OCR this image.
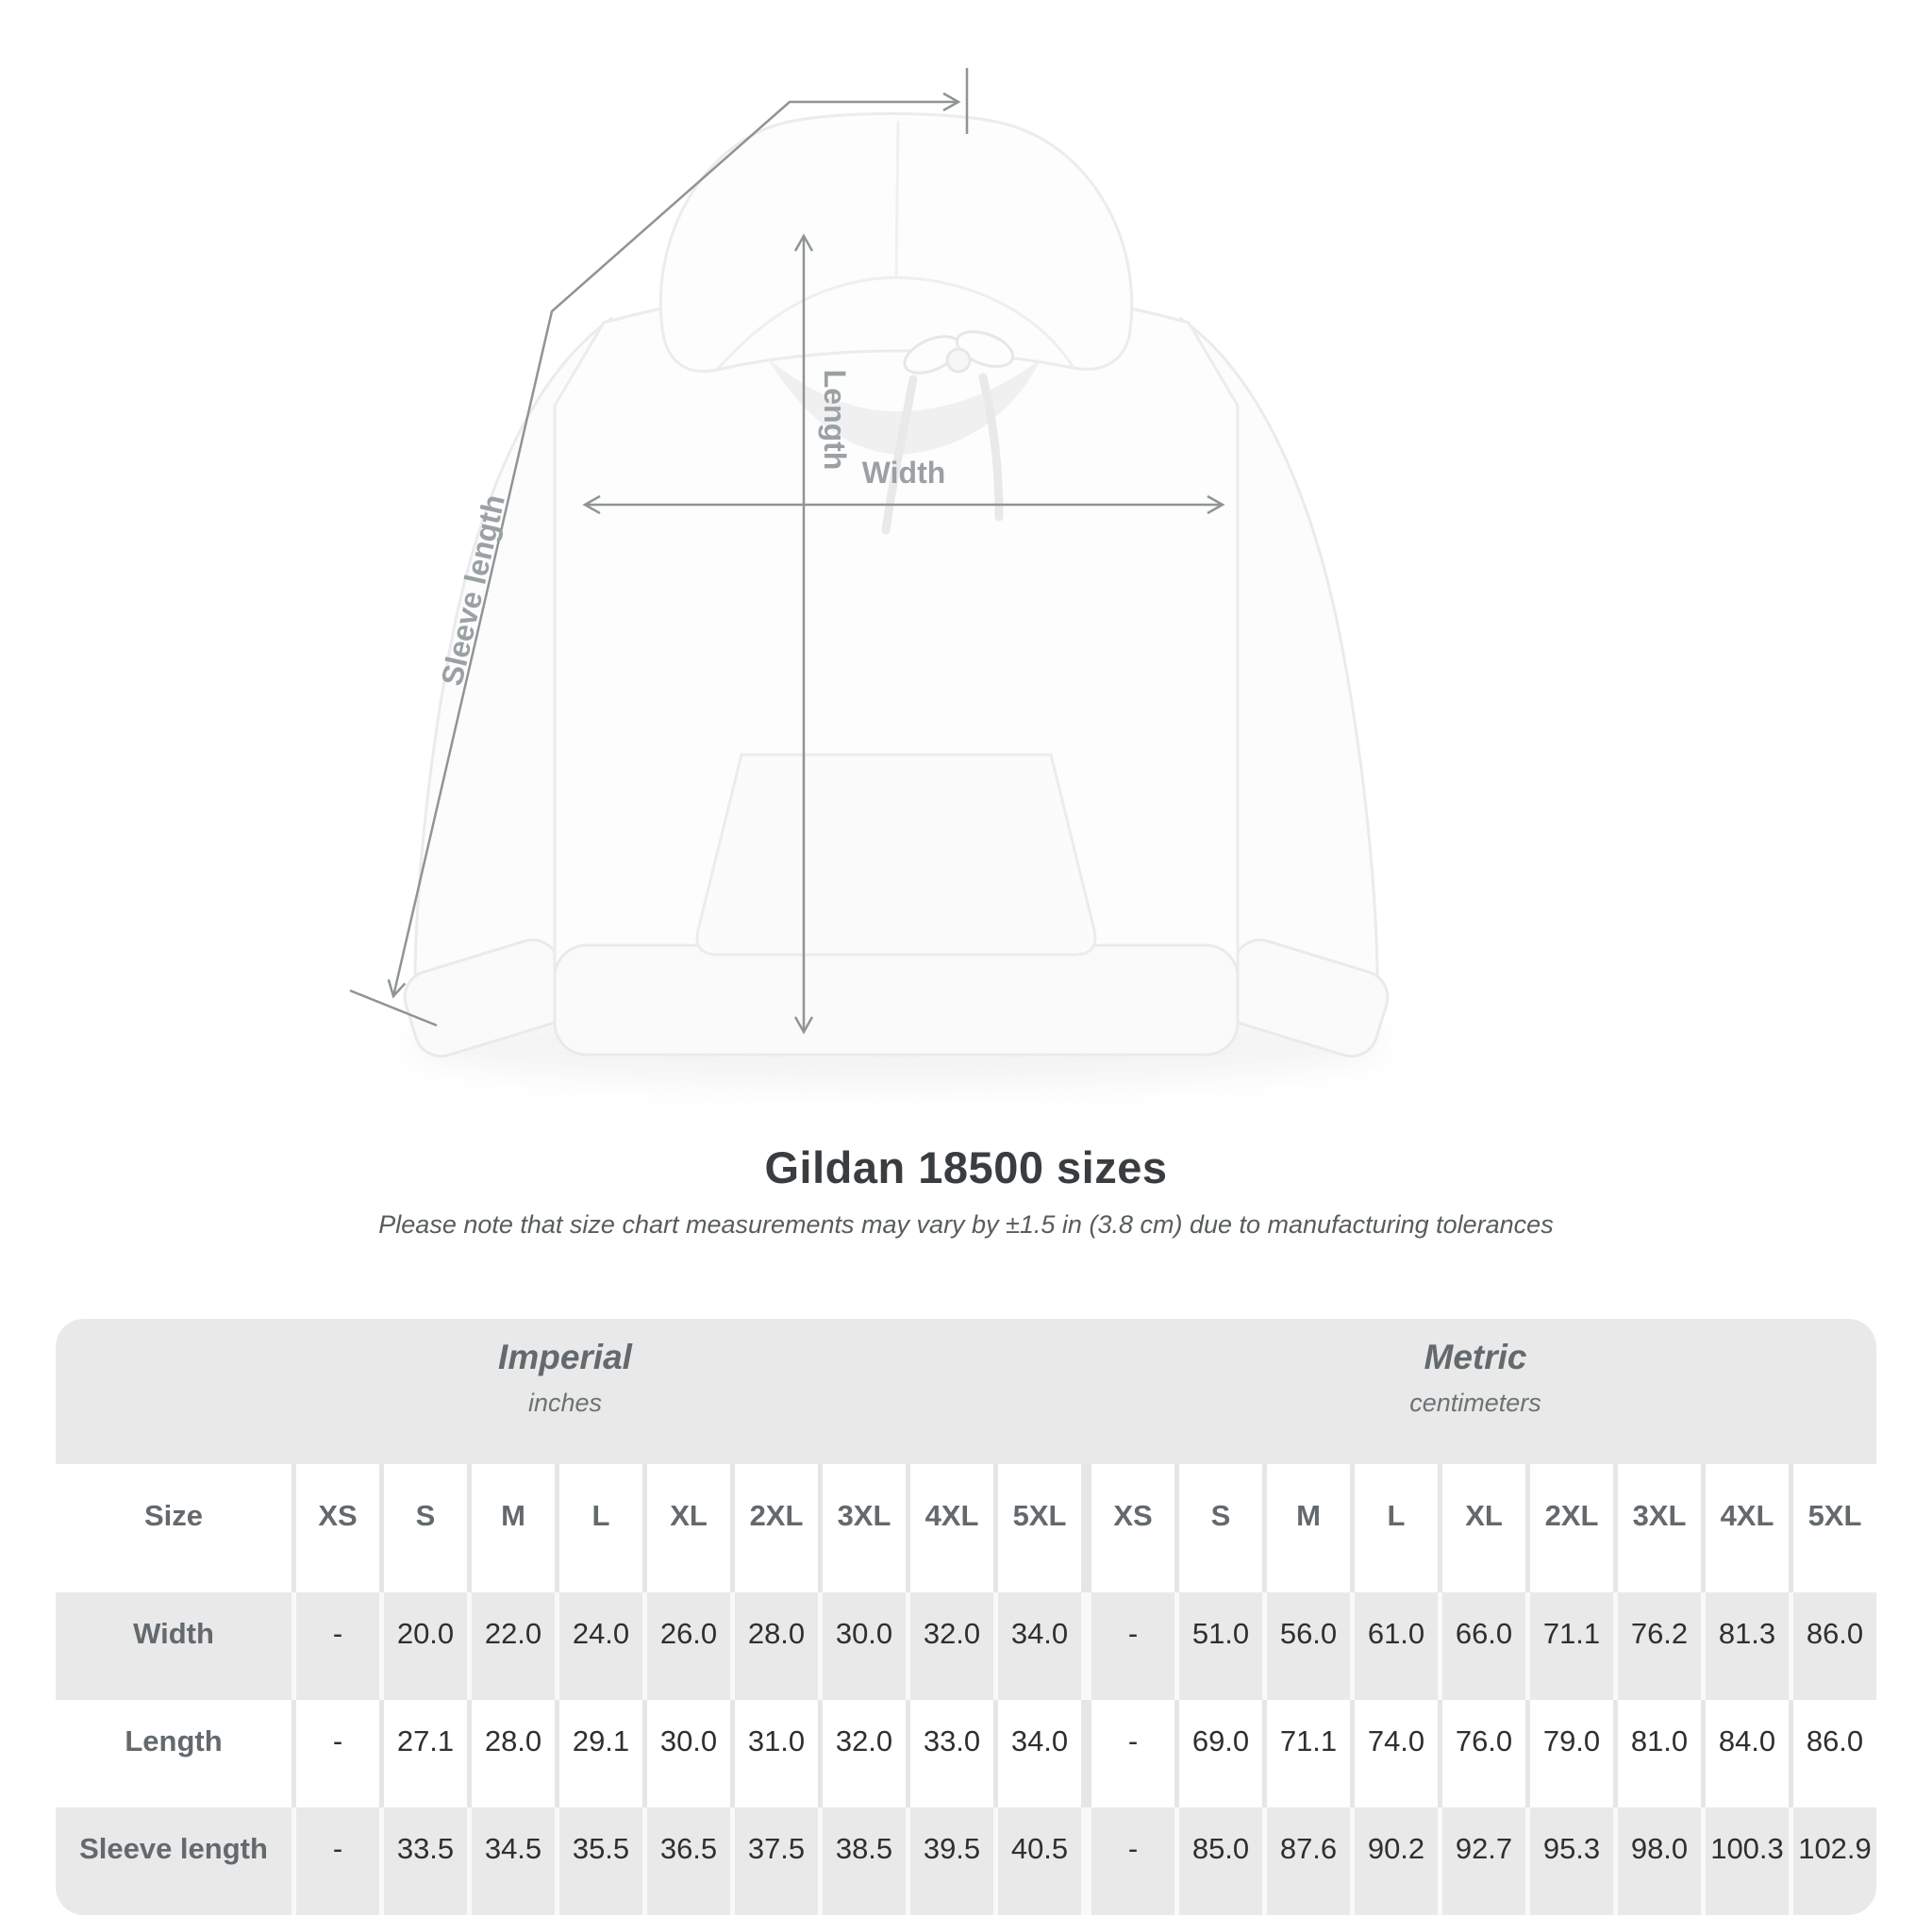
Length
Width
Sleeve length
Gildan 18500 sizes
Please note that size chart measurements may vary by ±1.5 in (3.8 cm) due to manufacturing tolerances
Imperial
inches
Metric
centimeters
Size	XS	S	M	L	XL	2XL	3XL	4XL	5XL	XS	S	M	L	XL	2XL	3XL	4XL	5XL
Width	-	20.0	22.0	24.0	26.0	28.0	30.0	32.0	34.0	-	51.0	56.0	61.0	66.0	71.1	76.2	81.3	86.0
Length	-	27.1	28.0	29.1	30.0	31.0	32.0	33.0	34.0	-	69.0	71.1	74.0	76.0	79.0	81.0	84.0	86.0
Sleeve length	-	33.5	34.5	35.5	36.5	37.5	38.5	39.5	40.5	-	85.0	87.6	90.2	92.7	95.3	98.0 100.3 102.9
